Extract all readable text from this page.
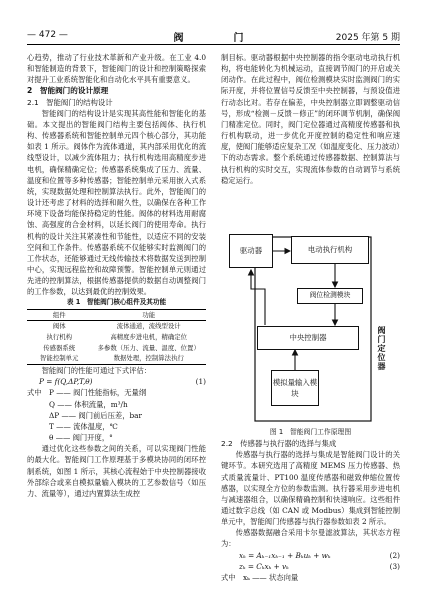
— 472 —	阀　　门	2025 年第 5 期

心趋势，推动了行业技术革新和产业升级。在工业 4.0 和智能制造的背景下，智能阀门的设计和控制策略探索对提升工业系统智能化和自动化水平具有重要意义。

2　智能阀门的设计原理

2.1　智能阀门的结构设计

智能阀门的结构设计是实现其高性能和智能化的基础。本文提出的智能阀门结构主要包括阀体、执行机构、传感器系统和智能控制单元四个核心部分，其功能如表 1 所示。阀体作为流体通道，其内部采用优化的流线型设计，以减少流体阻力；执行机构选用高精度步进电机，确保精确定位；传感器系统集成了压力、流量、温度和位置等多种传感器；智能控制单元采用嵌入式系统，实现数据处理和控制算法执行。此外，智能阀门的设计还考虑了材料的选择和耐久性，以确保在各种工作环境下设备均能保持稳定的性能。阀体的材料选用耐腐蚀、高强度的合金材料，以延长阀门的使用寿命。执行机构的设计关注其紧凑性和节能性，以适应不同的安装空间和工作条件。传感器系统不仅能够实时监测阀门的工作状态，还能够通过无线传输技术将数据发送到控制中心，实现远程监控和故障预警。智能控制单元则通过先进的控制算法，根据传感器提供的数据自动调整阀门的工作参数，以达到最优的控制效果。

表 1　智能阀门核心组件及其功能

组件	功能
阀体	流体通道，流线型设计
执行机构	高精度步进电机，精确定位
传感器系统	多参数（压力、流量、温度、位置）
智能控制单元	数据处理，控制算法执行

智能阀门的性能可通过下式评估：

P = f(Q,ΔP,T,θ)	(1)

式中 P —— 阀门性能指标，无量纲

Q —— 体积流量，m³/h

ΔP —— 阀门前后压差，bar

T —— 流体温度，℃

θ —— 阀门开度，°

通过优化这些参数之间的关系，可以实现阀门性能的最大化。智能阀门工作原理基于多模块协同的闭环控制系统，如图 1 所示，其核心流程始于中央控制器接收外部综合或来自模拟量输入模块的工艺参数信号（如压力、流量等），通过内置算法生成控

制目标。驱动器根据中央控制器的指令驱动电动执行机构，将电能转化为机械运动，直接调节阀门的开启或关闭动作。在此过程中，阀位检测模块实时监测阀门的实际开度，并将位置信号反馈至中央控制器，与预设值进行动态比对。若存在偏差，中央控制器立即调整驱动信号，形成“检测－反馈－修正”的闭环调节机制，确保阀门精准定位。同时，阀门定位器通过高精度传感器和执行机构联动，进一步优化开度控制的稳定性和响应速度，使阀门能够适应复杂工况（如温度变化、压力波动）下的动态需求。整个系统通过传感器数据、控制算法与执行机构的实时交互，实现流体参数的自动调节与系统稳定运行。

驱动器	电动执行机构
阀位检测模块
中央控制器
模拟量输入模块
阀门定位器

图 1　智能阀门工作原理图

2.2　传感器与执行器的选择与集成

传感器与执行器的选择与集成是智能阀门设计的关键环节。本研究选用了高精度 MEMS 压力传感器、热式质量流量计、PT100 温度传感器和磁致伸缩位置传感器，以实现全方位的参数监测。执行器采用步进电机与减速器组合，以确保精确控制和快速响应。这些组件通过数字总线（如 CAN 或 Modbus）集成到智能控制单元中，智能阀门传感器与执行器参数如表 2 所示。

传感器数据融合采用卡尔曼滤波算法，其状态方程为：

xₖ = Aₖ₋₁xₖ₋₁ + Bₖuₖ + wₖ	(2)

zₖ = Cₖxₖ + vₖ	(3)

式中 xₖ —— 状态向量
